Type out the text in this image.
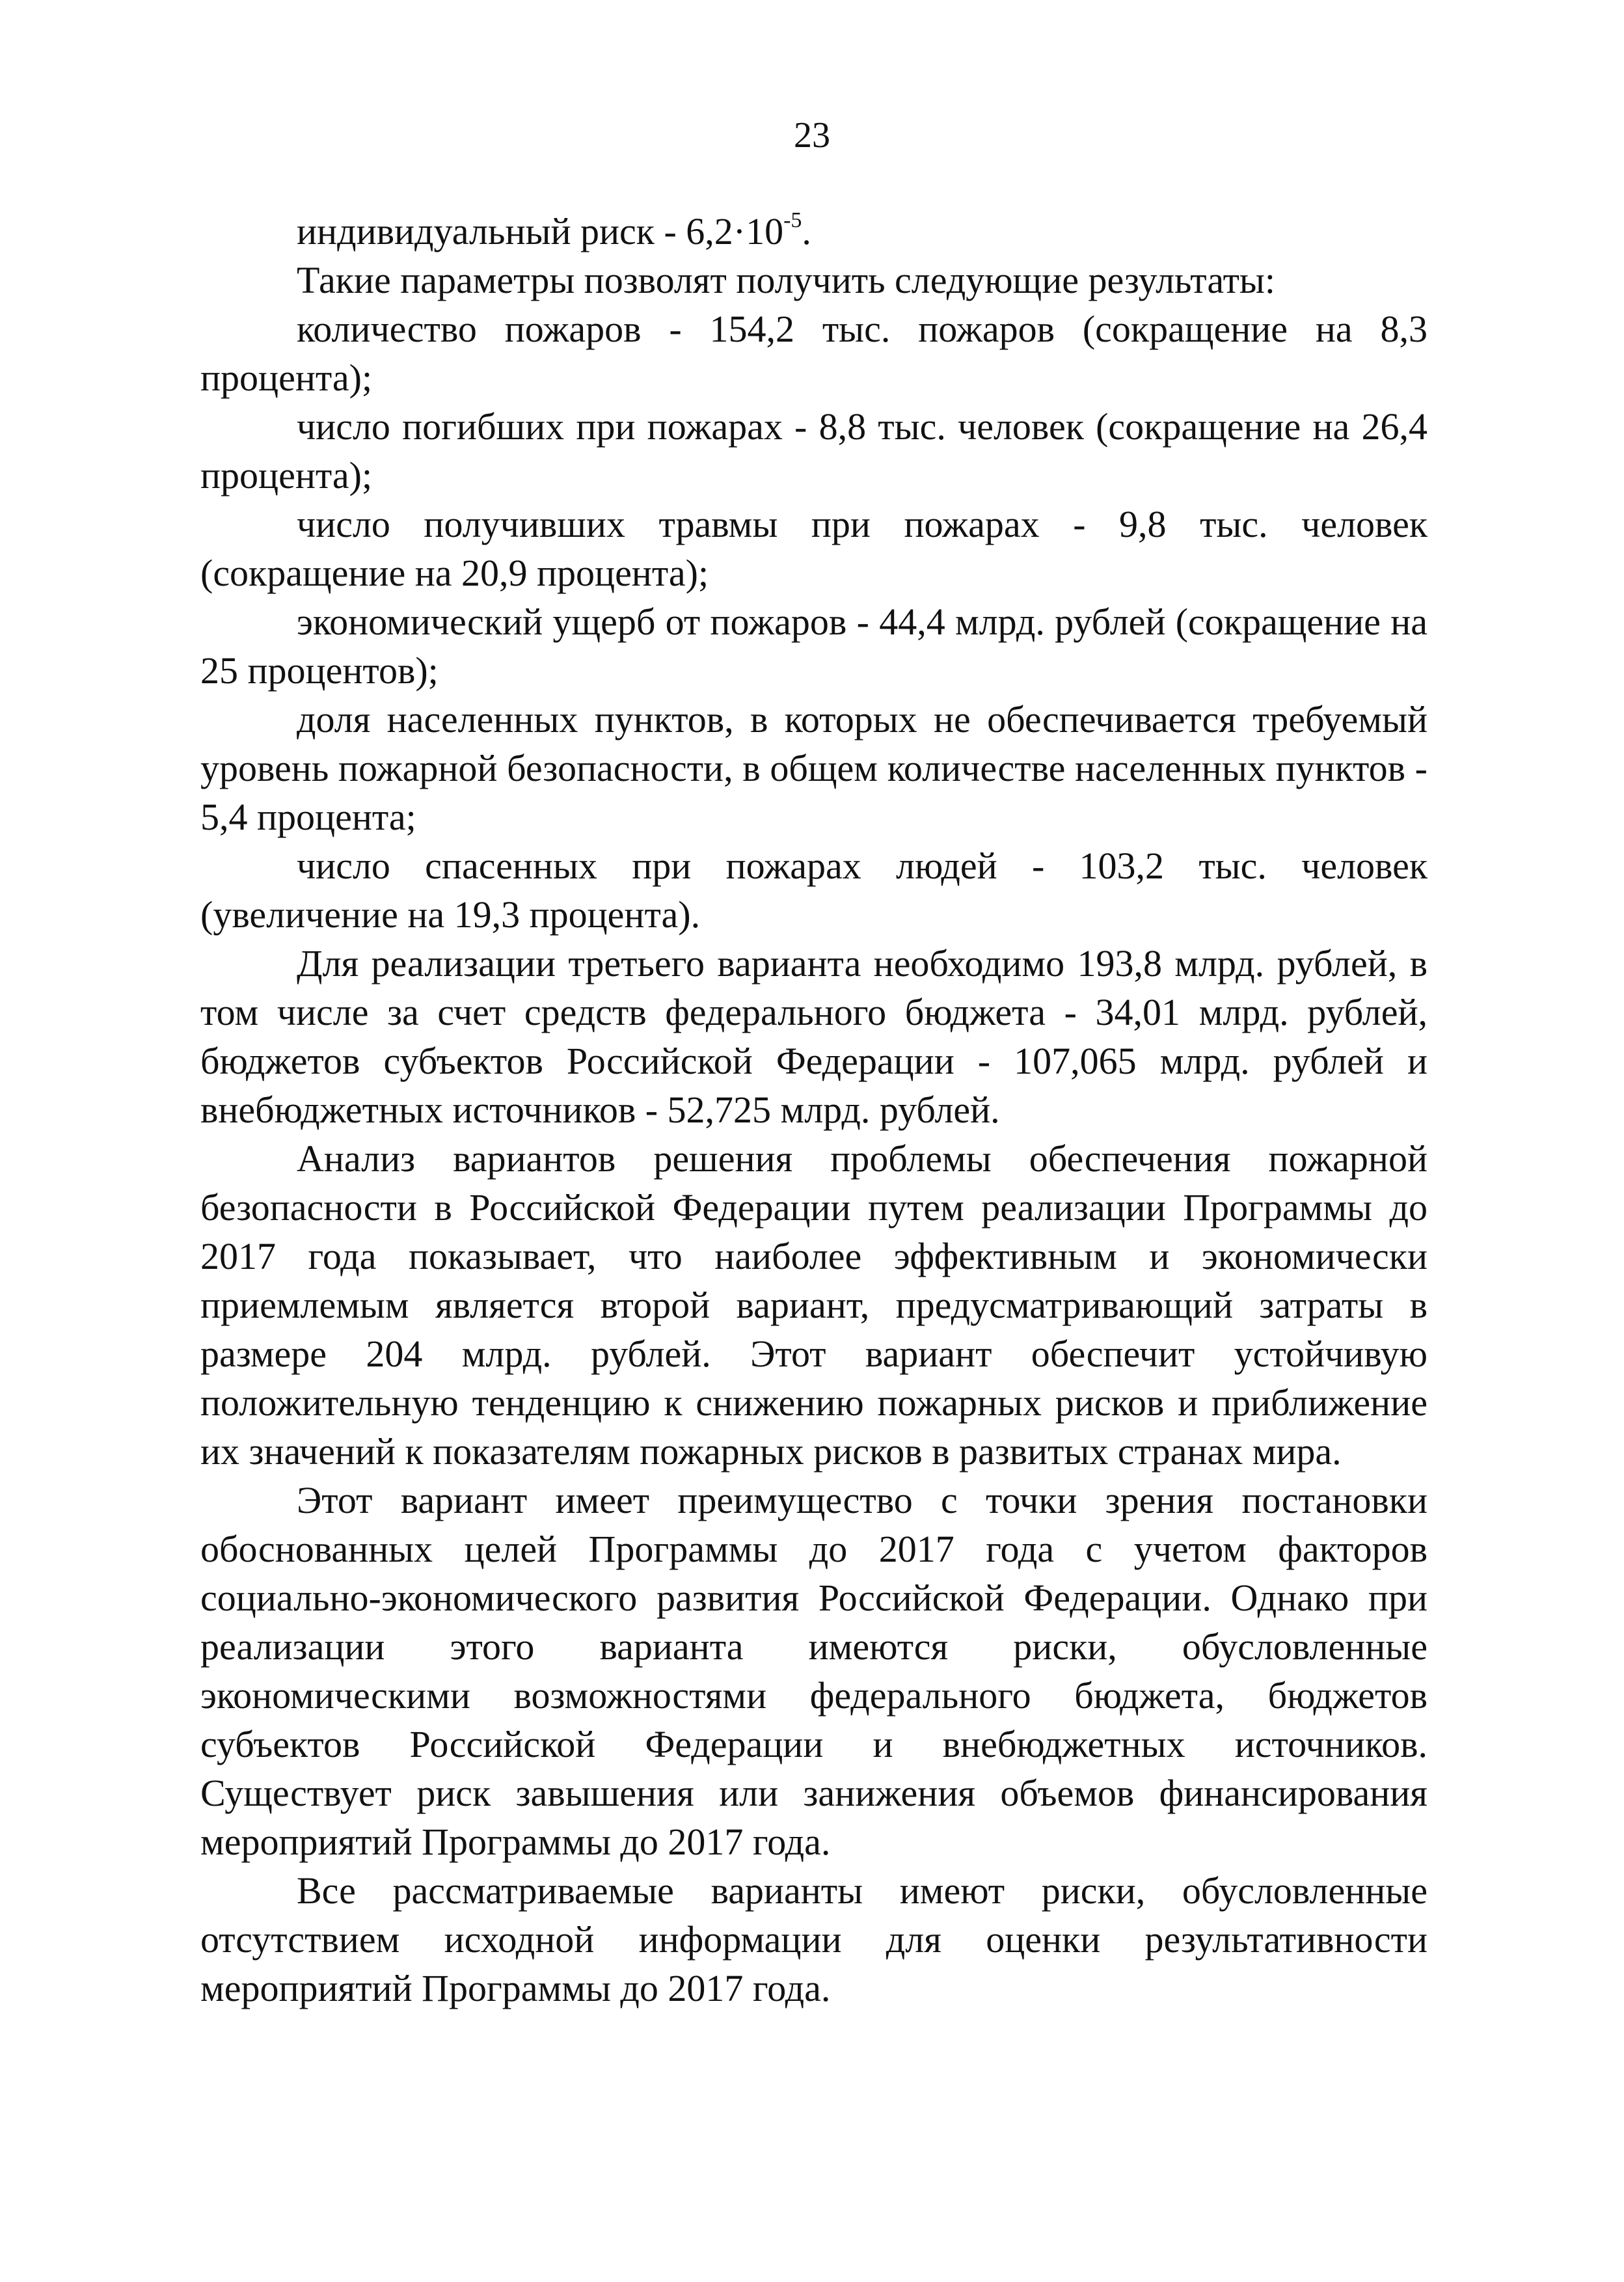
23

индивидуальный риск - $6,2\cdot 10^{-5}$.

Такие параметры позволят получить следующие результаты:

количество пожаров - 154,2 тыс. пожаров (сокращение на 8,3 процента);

число погибших при пожарах - 8,8 тыс. человек (сокращение на 26,4 процента);

число получивших травмы при пожарах - 9,8 тыс. человек (сокращение на 20,9 процента);

экономический ущерб от пожаров - 44,4 млрд. рублей (сокращение на 25 процентов);

доля населенных пунктов, в которых не обеспечивается требуемый уровень пожарной безопасности, в общем количестве населенных пунктов - 5,4 процента;

число спасенных при пожарах людей - 103,2 тыс. человек (увеличение на 19,3 процента).

Для реализации третьего варианта необходимо 193,8 млрд. рублей, в том числе за счет средств федерального бюджета - 34,01 млрд. рублей, бюджетов субъектов Российской Федерации - 107,065 млрд. рублей и внебюджетных источников - 52,725 млрд. рублей.

Анализ вариантов решения проблемы обеспечения пожарной безопасности в Российской Федерации путем реализации Программы до 2017 года показывает, что наиболее эффективным и экономически приемлемым является второй вариант, предусматривающий затраты в размере 204 млрд. рублей. Этот вариант обеспечит устойчивую положительную тенденцию к снижению пожарных рисков и приближение их значений к показателям пожарных рисков в развитых странах мира.

Этот вариант имеет преимущество с точки зрения постановки обоснованных целей Программы до 2017 года с учетом факторов социально-экономического развития Российской Федерации. Однако при реализации этого варианта имеются риски, обусловленные экономическими возможностями федерального бюджета, бюджетов субъектов Российской Федерации и внебюджетных источников. Существует риск завышения или занижения объемов финансирования мероприятий Программы до 2017 года.

Все рассматриваемые варианты имеют риски, обусловленные отсутствием исходной информации для оценки результативности мероприятий Программы до 2017 года.
